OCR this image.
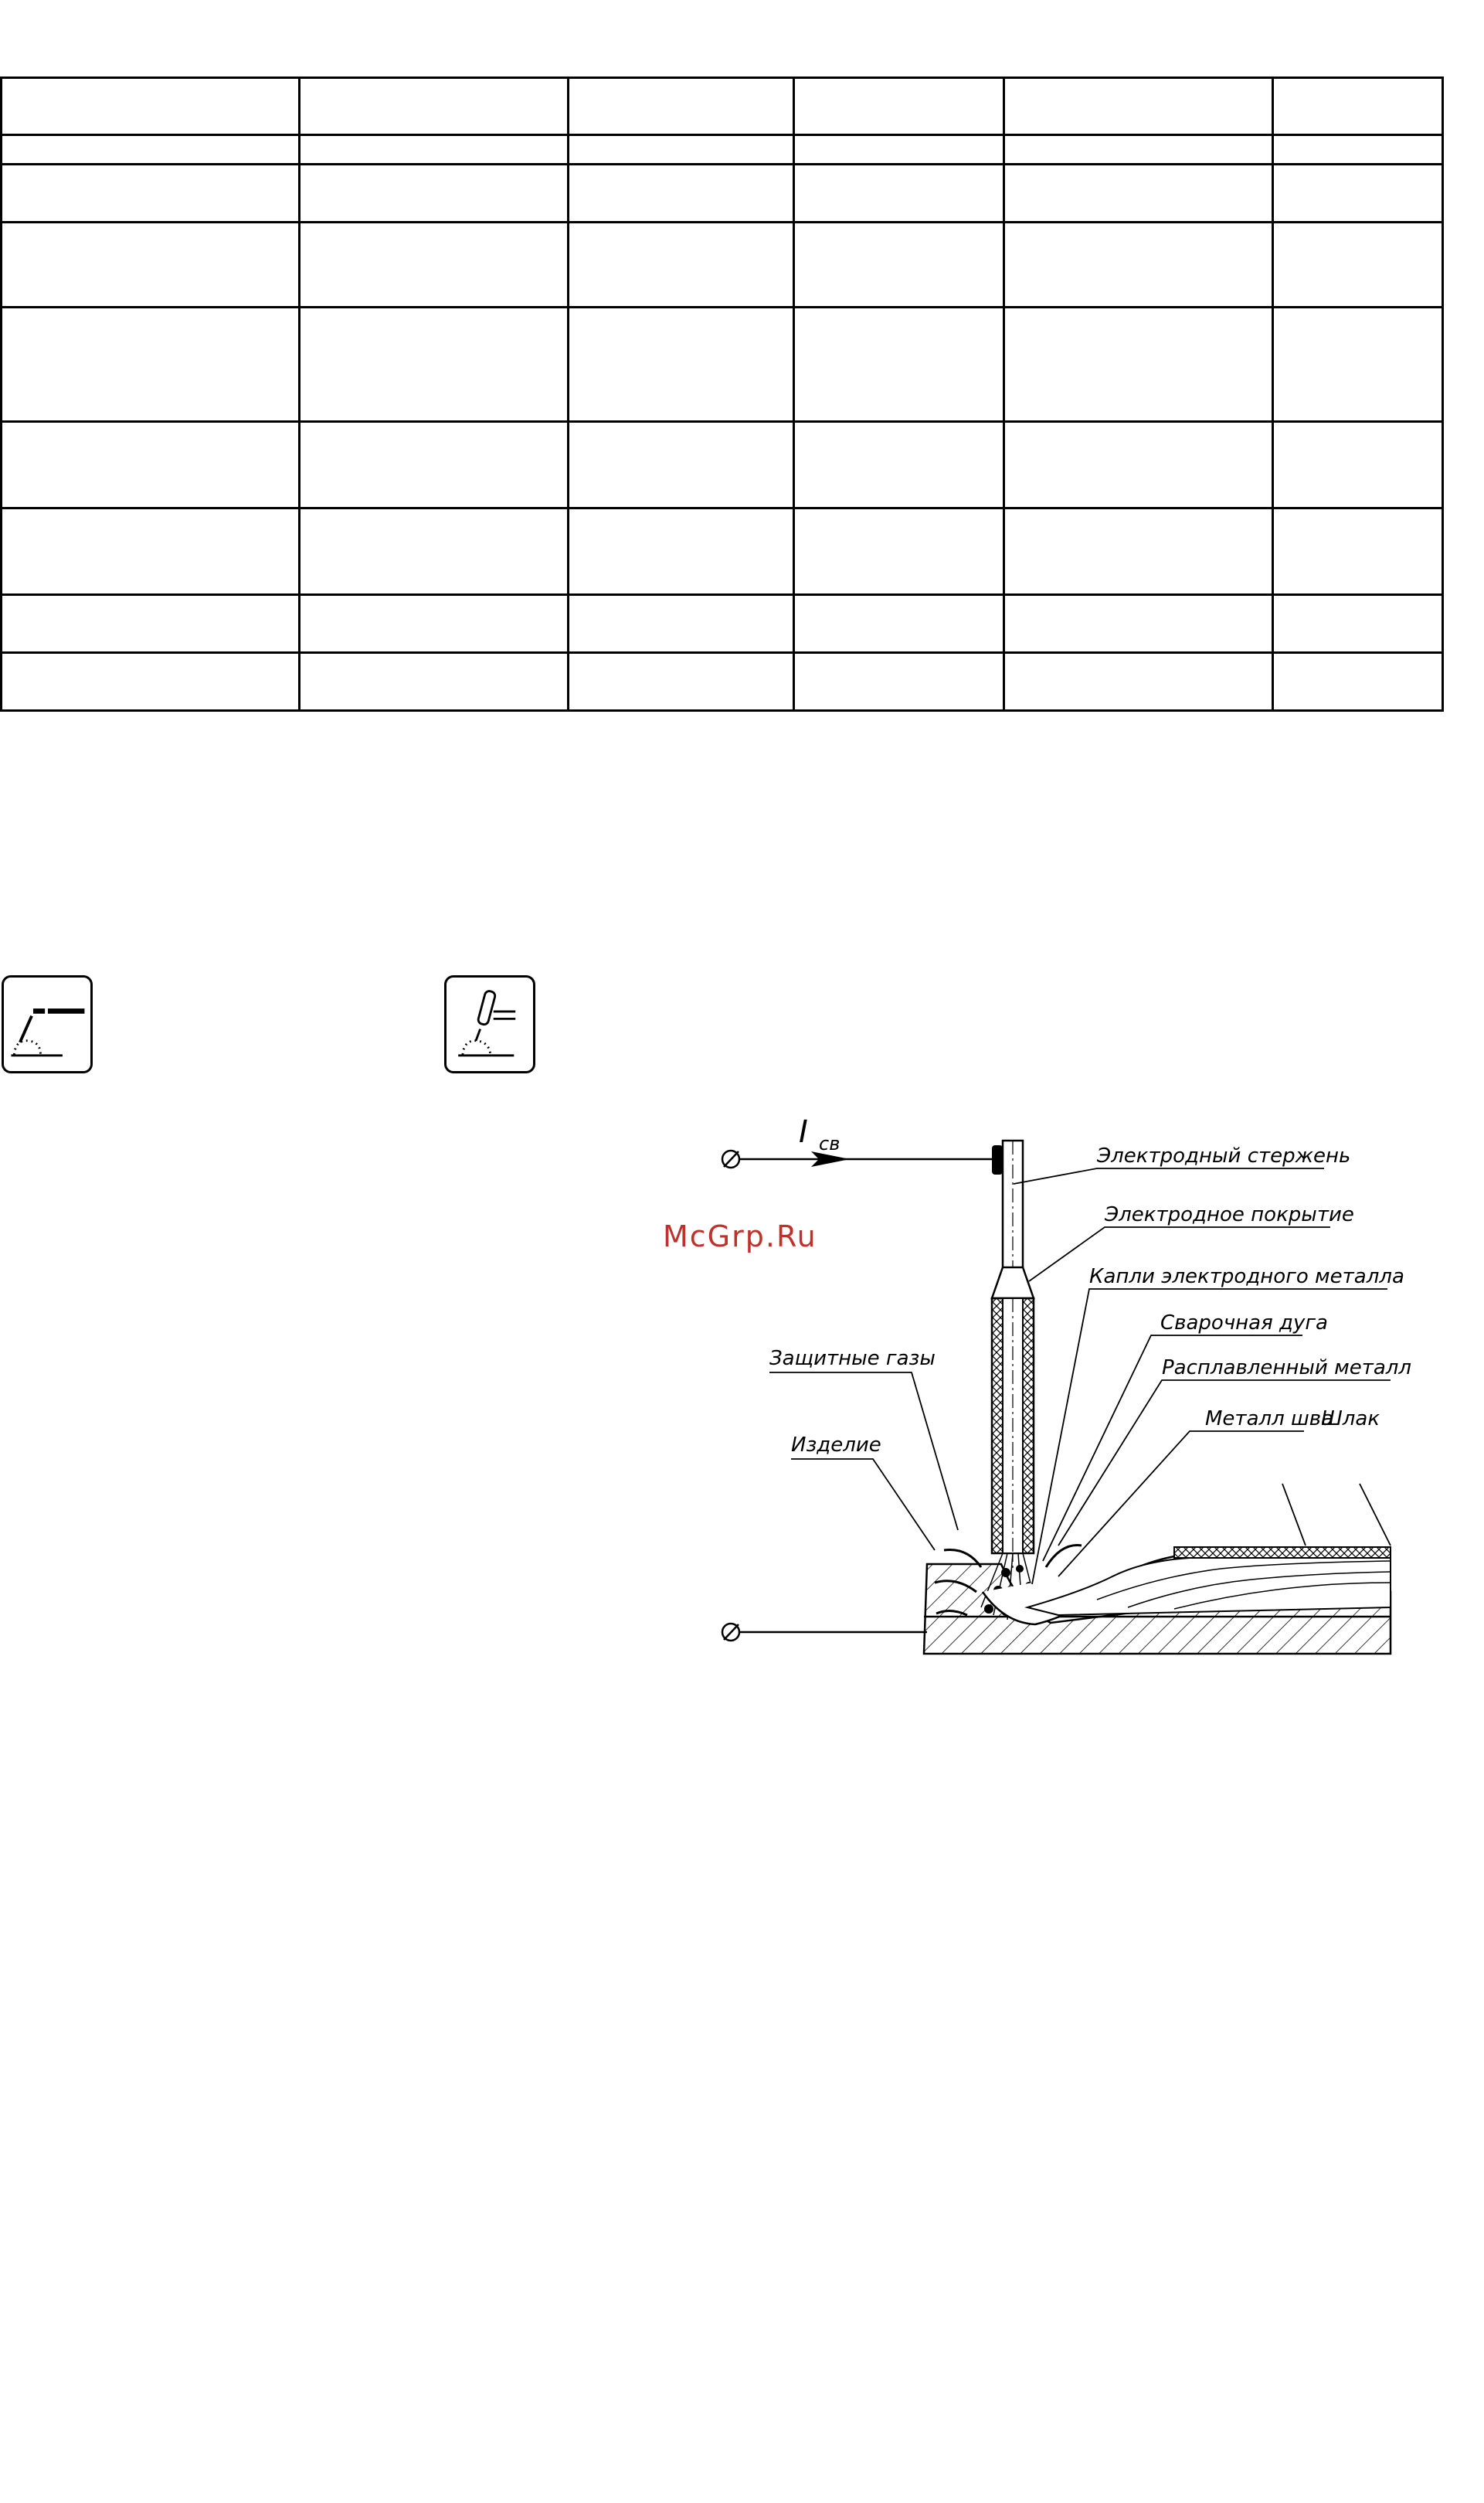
McGrp.Ru
I св
Электродный стержень
Электродное покрытие
Капли электродного металла
Сварочная дуга
Расплавленный металл
Металл шва
Шлак
Защитные газы
Изделие
